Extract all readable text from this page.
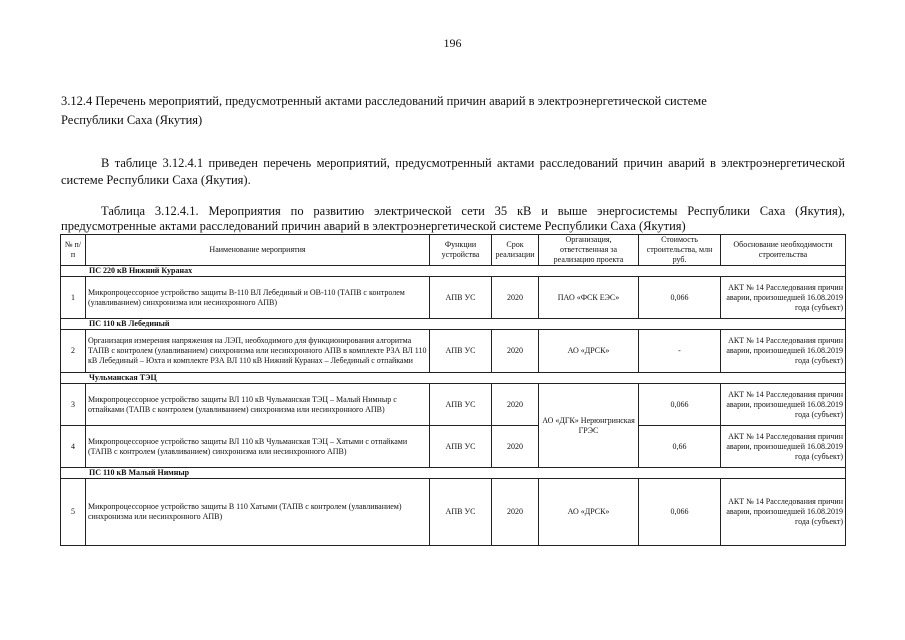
196
3.12.4 Перечень мероприятий, предусмотренный актами расследований причин аварий в электроэнергетической системе
Республики Саха (Якутия)
В таблице 3.12.4.1 приведен перечень мероприятий, предусмотренный актами расследований причин аварий в электроэнергетической системе Республики Саха (Якутия).
Таблица 3.12.4.1. Мероприятия по развитию электрической сети 35 кВ и выше энергосистемы Республики Саха (Якутия), предусмотренные актами расследований причин аварий в электроэнергетической системе Республики Саха (Якутия)
№ п/п	Наименование мероприятия	Функции устройства	Срок реализации	Организация, ответственная за реализацию проекта	Стоимость строительства, млн руб.	Обоснование необходимости строительства
ПС 220 кВ Нижний Куранах						
1	Микропроцессорное устройство защиты В-110 ВЛ Лебединый и ОВ-110 (ТАПВ с контролем (улавливанием) синхронизма или несинхронного АПВ)	АПВ УС	2020	ПАО «ФСК ЕЭС»	0,066	АКТ № 14 Расследования причин аварии, произошедшей 16.08.2019 года (субъект)
ПС 110 кВ Лебединый						
2	Организация измерения напряжения на ЛЭП, необходимого для функционирования алгоритма ТАПВ с контролем (улавливанием) синхронизма или несинхронного АПВ в комплекте РЗА ВЛ 110 кВ Лебединый – Юхта и комплекте РЗА ВЛ 110 кВ Нижний Куранах – Лебединый с отпайками	АПВ УС	2020	АО «ДРСК»	-	АКТ № 14 Расследования причин аварии, произошедшей 16.08.2019 года (субъект)
Чульманская ТЭЦ						
3	Микропроцессорное устройство защиты ВЛ 110 кВ Чульманская ТЭЦ – Малый Нимныр с отпайками (ТАПВ с контролем (улавливанием) синхронизма или несинхронного АПВ)	АПВ УС	2020	АО «ДГК» Нерюнгринская ГРЭС	0,066	АКТ № 14 Расследования причин аварии, произошедшей 16.08.2019 года (субъект)
4	Микропроцессорное устройство защиты ВЛ 110 кВ Чульманская ТЭЦ – Хатыми с отпайками (ТАПВ с контролем (улавливанием) синхронизма или несинхронного АПВ)	АПВ УС	2020		0,66	АКТ № 14 Расследования причин аварии, произошедшей 16.08.2019 года (субъект)
ПС 110 кВ Малый Нимныр						
5	Микропроцессорное устройство защиты В 110 Хатыми (ТАПВ с контролем (улавливанием) синхронизма или несинхронного АПВ)	АПВ УС	2020	АО «ДРСК»	0,066	АКТ № 14 Расследования причин аварии, произошедшей 16.08.2019 года (субъект)
